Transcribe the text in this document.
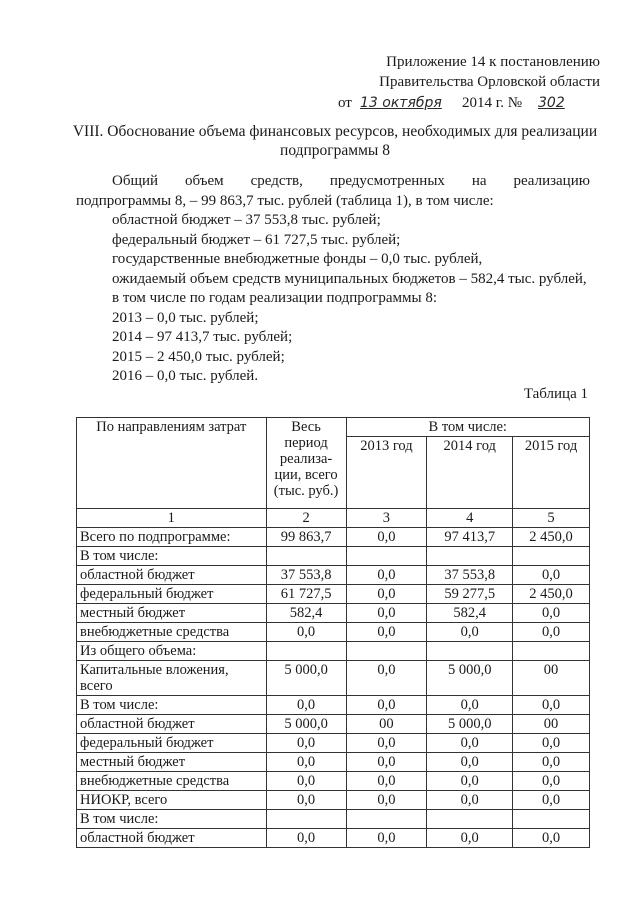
Приложение 14 к постановлению
Правительства Орловской области
от 13 октября 2014 г. № 302
VIII. Обоснование объема финансовых ресурсов, необходимых для реализации подпрограммы 8
Общий объем средств, предусмотренных на реализацию
подпрограммы 8, – 99 863,7 тыс. рублей (таблица 1), в том числе:
областной бюджет – 37 553,8 тыс. рублей;
федеральный бюджет – 61 727,5 тыс. рублей;
государственные внебюджетные фонды – 0,0 тыс. рублей,
ожидаемый объем средств муниципальных бюджетов – 582,4 тыс. рублей,
в том числе по годам реализации подпрограммы 8:
2013 – 0,0 тыс. рублей;
2014 – 97 413,7 тыс. рублей;
2015 – 2 450,0 тыс. рублей;
2016 – 0,0 тыс. рублей.
Таблица 1
По направлениям затрат	Весь период реализа-ции, всего (тыс. руб.)	В том числе:		
		2013 год	2014 год	2015 год
1	2	3	4	5
Всего по подпрограмме:	99 863,7	0,0	97 413,7	2 450,0
В том числе:				
областной бюджет	37 553,8	0,0	37 553,8	0,0
федеральный бюджет	61 727,5	0,0	59 277,5	2 450,0
местный бюджет	582,4	0,0	582,4	0,0
внебюджетные средства	0,0	0,0	0,0	0,0
Из общего объема:				
Капитальные вложения, всего	5 000,0	0,0	5 000,0	00
В том числе:	0,0	0,0	0,0	0,0
областной бюджет	5 000,0	00	5 000,0	00
федеральный бюджет	0,0	0,0	0,0	0,0
местный бюджет	0,0	0,0	0,0	0,0
внебюджетные средства	0,0	0,0	0,0	0,0
НИОКР, всего	0,0	0,0	0,0	0,0
В том числе:				
областной бюджет	0,0	0,0	0,0	0,0
